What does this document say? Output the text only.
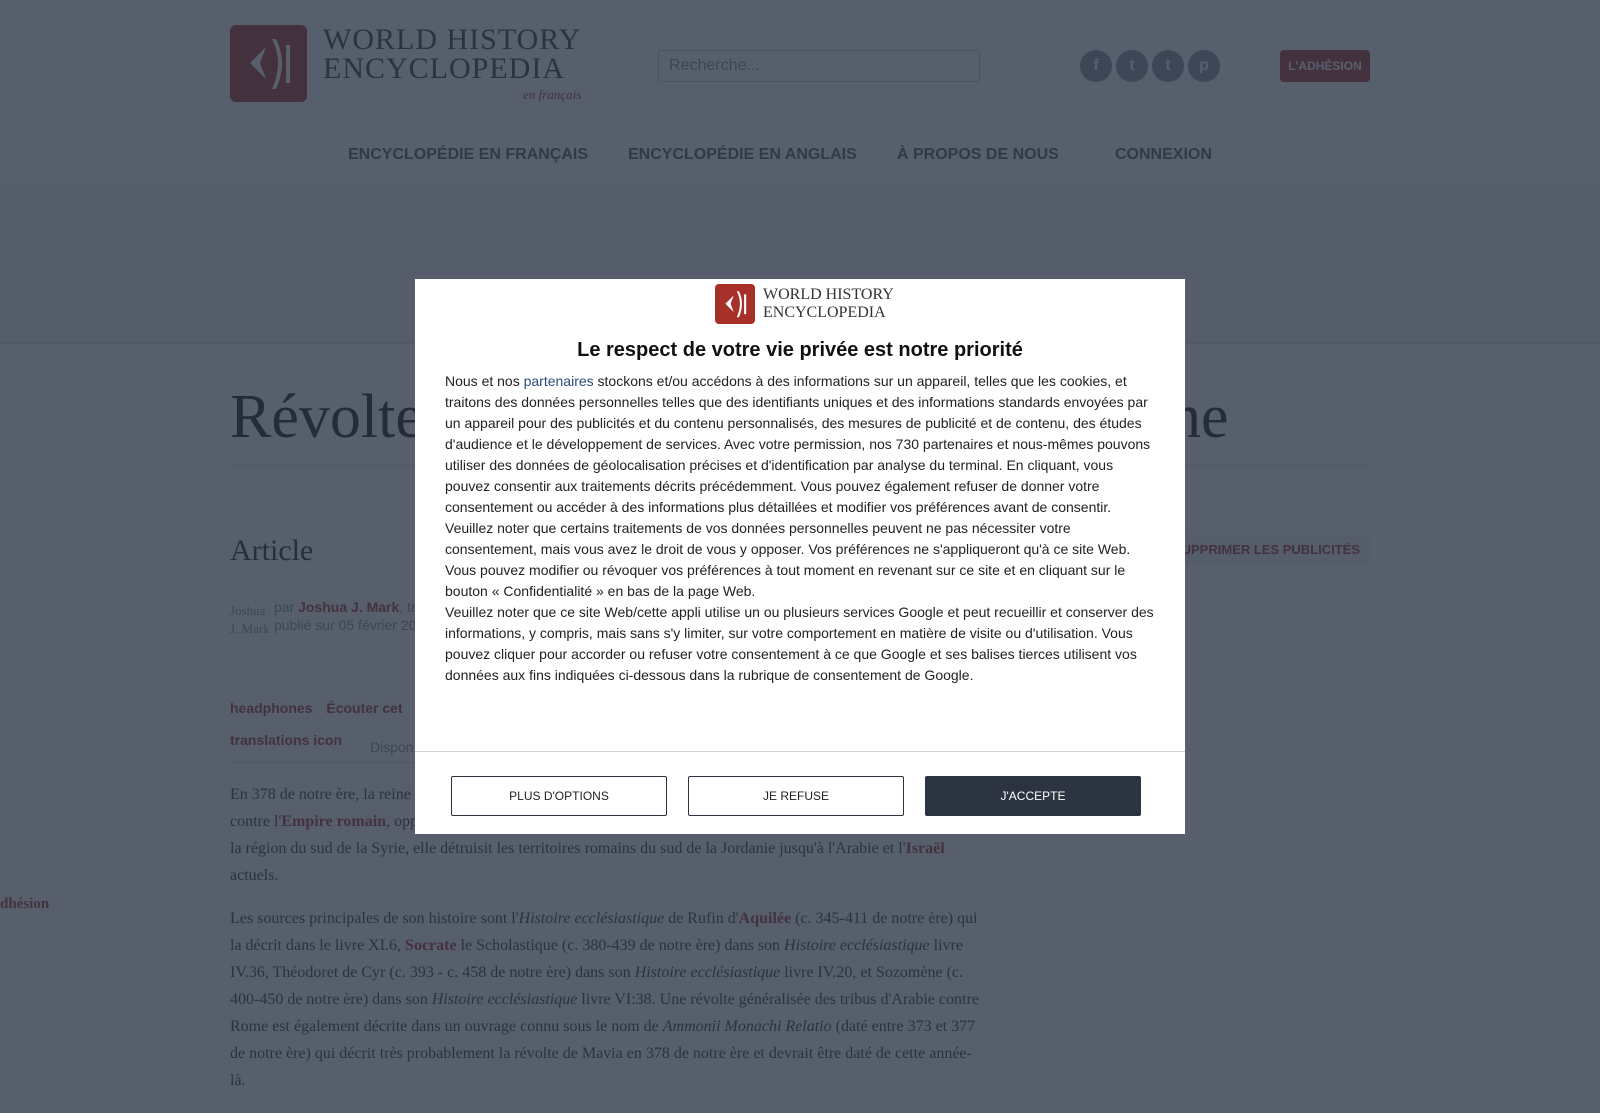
Recherche...

WORLD HISTORY
ENCYCLOPEDIA
Le respect de votre vie privée est notre priorité
Nous et nos partenaires stockons et/ou accédons à des informations sur un appareil, telles que les cookies, et traitons des données personnelles telles que des identifiants uniques et des informations standards envoyées par un appareil pour des publicités et du contenu personnalisés, des mesures de publicité et de contenu, des études d'audience et le développement de services. Avec votre permission, nos 730 partenaires et nous-mêmes pouvons utiliser des données de géolocalisation précises et d'identification par analyse du terminal. En cliquant, vous pouvez consentir aux traitements décrits précédemment. Vous pouvez également refuser de donner votre consentement ou accéder à des informations plus détaillées et modifier vos préférences avant de consentir. Veuillez noter que certains traitements de vos données personnelles peuvent ne pas nécessiter votre consentement, mais vous avez le droit de vous y opposer. Vos préférences ne s'appliqueront qu'à ce site Web. Vous pouvez modifier ou révoquer vos préférences à tout moment en revenant sur ce site et en cliquant sur le bouton « Confidentialité » en bas de la page Web.
Veuillez noter que ce site Web/cette appli utilise un ou plusieurs services Google et peut recueillir et conserver des informations, y compris, mais sans s'y limiter, sur votre comportement en matière de visite ou d'utilisation. Vous pouvez cliquer pour accorder ou refuser votre consentement à ce que Google et ses balises tierces utilisent vos données aux fins indiquées ci-dessous dans la rubrique de consentement de Google.
PLUS D'OPTIONS	JE REFUSE	J'ACCEPTE
